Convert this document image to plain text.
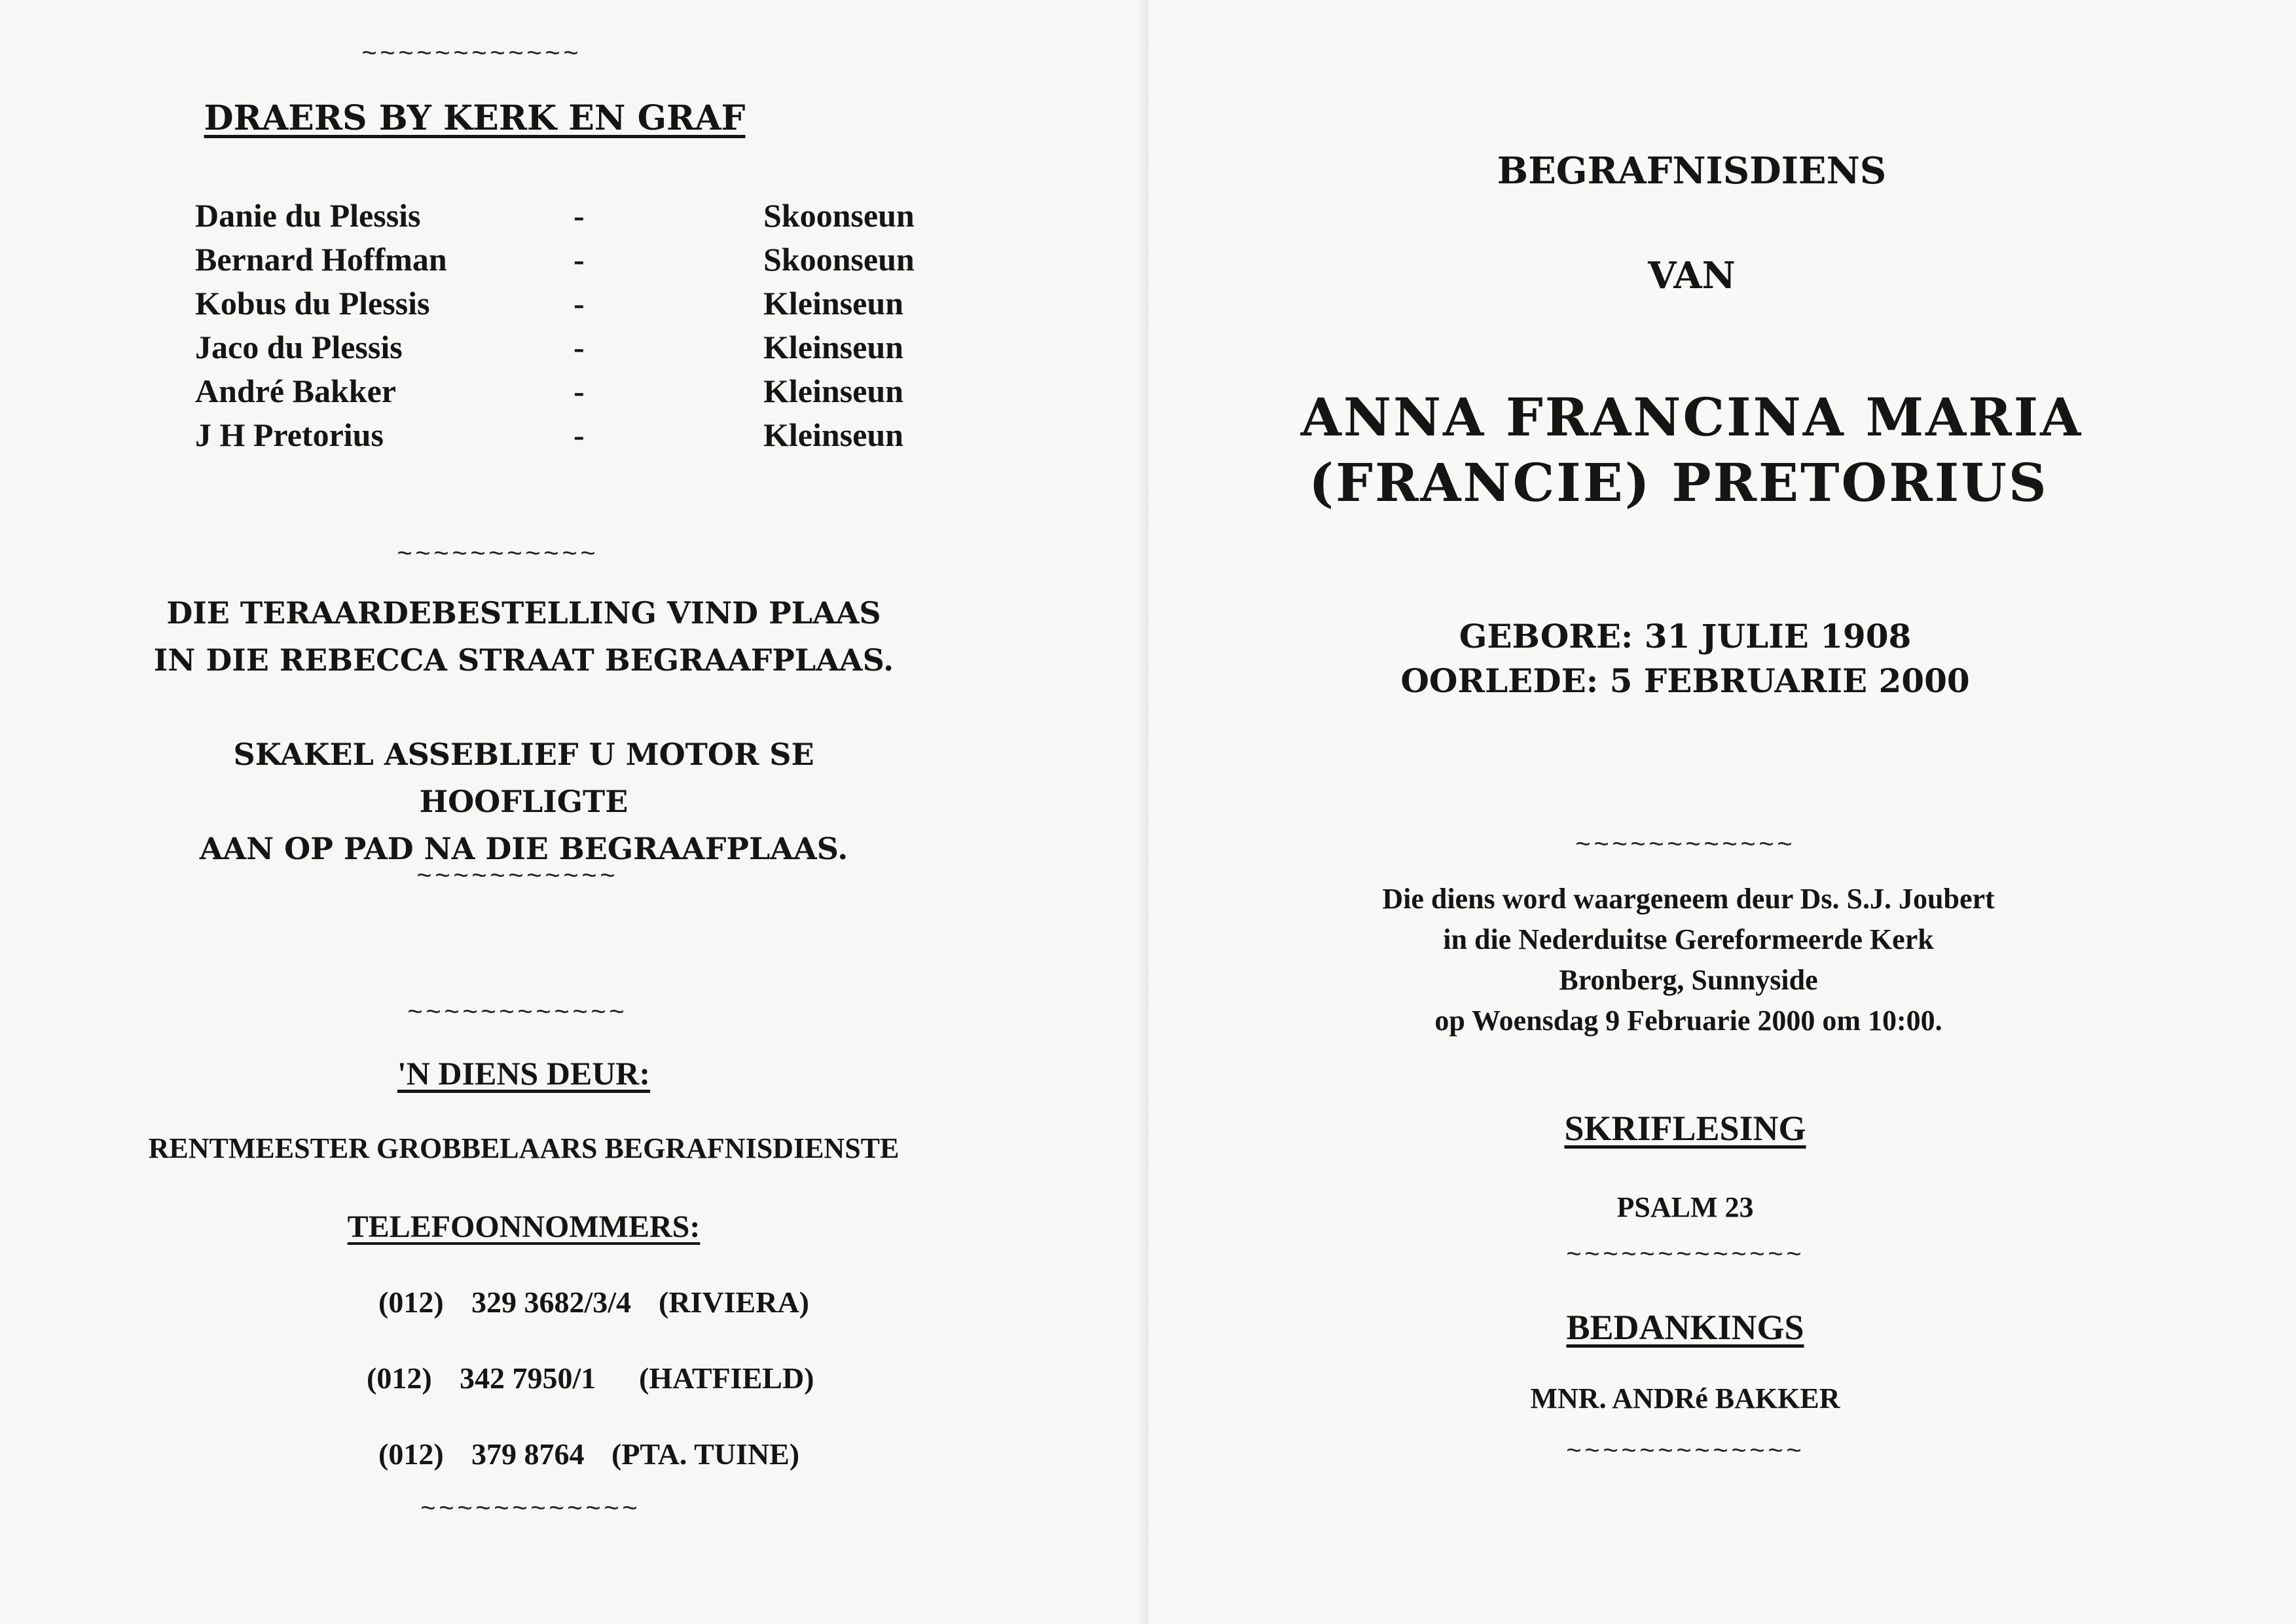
~~~~~~~~~~~~
DRAERS BY KERK EN GRAF
Danie du Plessis	-	Skoonseun
Bernard Hoffman	-	Skoonseun
Kobus du Plessis	-	Kleinseun
Jaco du Plessis	-	Kleinseun
André Bakker	-	Kleinseun
J H Pretorius	-	Kleinseun
~~~~~~~~~~~
DIE TERAARDEBESTELLING VIND PLAAS
IN DIE REBECCA STRAAT BEGRAAFPLAAS.
SKAKEL ASSEBLIEF U MOTOR SE HOOFLIGTE
AAN OP PAD NA DIE BEGRAAFPLAAS.
~~~~~~~~~~~
~~~~~~~~~~~~
'N DIENS DEUR:
RENTMEESTER GROBBELAARS BEGRAFNISDIENSTE
TELEFOONNOMMERS:
(012) 329 3682/3/4 (RIVIERA)
(012) 342 7950/1 (HATFIELD)
(012) 379 8764 (PTA. TUINE)
~~~~~~~~~~~~
BEGRAFNISDIENS
VAN
ANNA FRANCINA MARIA
(FRANCIE) PRETORIUS
GEBORE: 31 JULIE 1908
OORLEDE: 5 FEBRUARIE 2000
~~~~~~~~~~~~
Die diens word waargeneem deur Ds. S.J. Joubert
in die Nederduitse Gereformeerde Kerk
Bronberg, Sunnyside
op Woensdag 9 Februarie 2000 om 10:00.
SKRIFLESING
PSALM 23
~~~~~~~~~~~~~
BEDANKINGS
MNR. ANDRé BAKKER
~~~~~~~~~~~~~
